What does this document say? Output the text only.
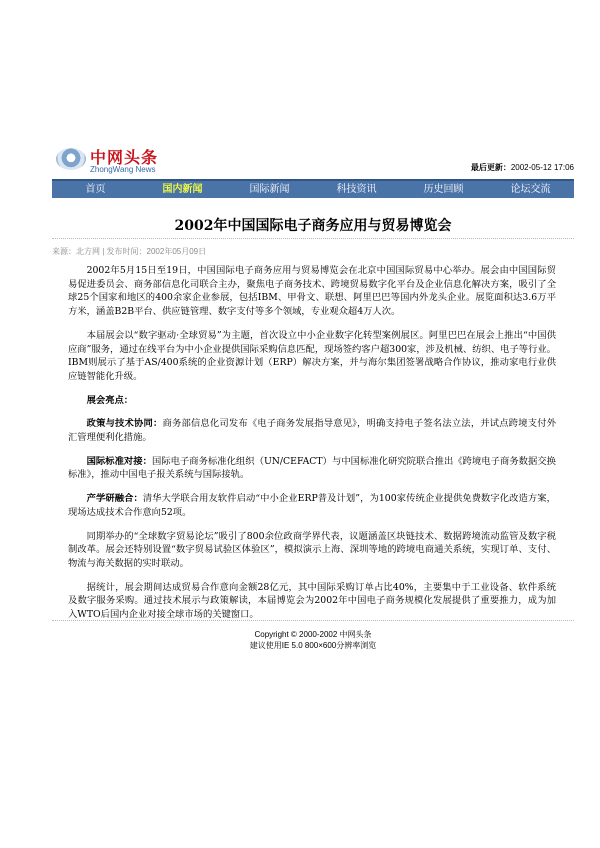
中网头条
ZhongWang News	最后更新：2002-05-12 17:06
首页	国内新闻	国际新闻	科技资讯	历史回顾	论坛交流
2002年中国国际电子商务应用与贸易博览会
来源：北方网 | 发布时间：2002年05月09日

2002年5月15日至19日，中国国际电子商务应用与贸易博览会在北京中国国际贸易中心举办。展会由中国国际贸易促进委员会、商务部信息化司联合主办，聚焦电子商务技术、跨境贸易数字化平台及企业信息化解决方案，吸引了全球25个国家和地区的400余家企业参展，包括IBM、甲骨文、联想、阿里巴巴等国内外龙头企业。展览面积达3.6万平方米，涵盖B2B平台、供应链管理、数字支付等多个领域，专业观众超4万人次。

本届展会以“数字驱动·全球贸易”为主题，首次设立中小企业数字化转型案例展区。阿里巴巴在展会上推出“中国供应商”服务，通过在线平台为中小企业提供国际采购信息匹配，现场签约客户超300家，涉及机械、纺织、电子等行业。IBM则展示了基于AS/400系统的企业资源计划（ERP）解决方案，并与海尔集团签署战略合作协议，推动家电行业供应链智能化升级。

展会亮点：
政策与技术协同：商务部信息化司发布《电子商务发展指导意见》，明确支持电子签名法立法，并试点跨境支付外汇管理便利化措施。
国际标准对接：国际电子商务标准化组织（UN/CEFACT）与中国标准化研究院联合推出《跨境电子商务数据交换标准》，推动中国电子报关系统与国际接轨。
产学研融合：清华大学联合用友软件启动“中小企业ERP普及计划”，为100家传统企业提供免费数字化改造方案，现场达成技术合作意向52项。

同期举办的“全球数字贸易论坛”吸引了800余位政商学界代表，议题涵盖区块链技术、数据跨境流动监管及数字税制改革。展会还特别设置“数字贸易试验区体验区”，模拟演示上海、深圳等地的跨境电商通关系统，实现订单、支付、物流与海关数据的实时联动。

据统计，展会期间达成贸易合作意向金额28亿元，其中国际采购订单占比40%，主要集中于工业设备、软件系统及数字服务采购。通过技术展示与政策解读，本届博览会为2002年中国电子商务规模化发展提供了重要推力，成为加入WTO后国内企业对接全球市场的关键窗口。

Copyright © 2000-2002 中网头条
建议使用IE 5.0 800×600分辨率浏览
